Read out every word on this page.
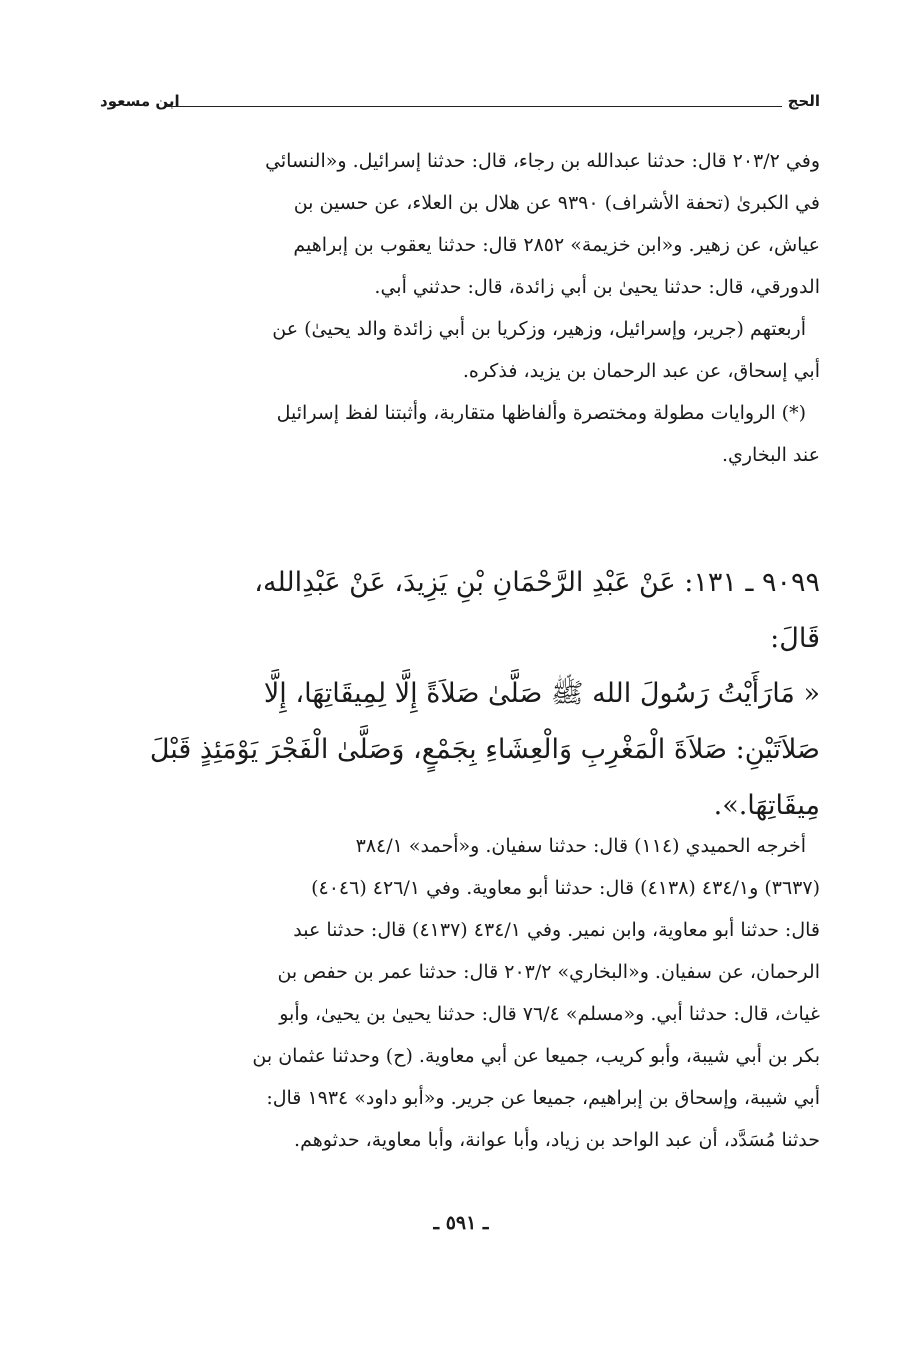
الحج
ابن مسعود
وفي ٢٠٣/٢ قال: حدثنا عبدالله بن رجاء، قال: حدثنا إسرائيل. و«النسائي
في الكبرىٰ (تحفة الأشراف) ٩٣٩٠ عن هلال بن العلاء، عن حسين بن
عياش، عن زهير. و«ابن خزيمة» ٢٨٥٢ قال: حدثنا يعقوب بن إبراهيم
الدورقي، قال: حدثنا يحيىٰ بن أبي زائدة، قال: حدثني أبي.
أربعتهم (جرير، وإسرائيل، وزهير، وزكريا بن أبي زائدة والد يحيىٰ) عن
أبي إسحاق، عن عبد الرحمان بن يزيد، فذكره.
(*) الروايات مطولة ومختصرة وألفاظها متقاربة، وأثبتنا لفظ إسرائيل
عند البخاري.
٩٠٩٩ ـ ١٣١: عَنْ عَبْدِ الرَّحْمَانِ بْنِ يَزِيدَ، عَنْ عَبْدِالله،
قَالَ:
« مَارَأَيْتُ رَسُولَ الله ﷺ صَلَّىٰ صَلاَةً إِلَّا لِمِيقَاتِهَا، إِلَّا
صَلاَتَيْنِ: صَلاَةَ الْمَغْرِبِ وَالْعِشَاءِ بِجَمْعٍ، وَصَلَّىٰ الْفَجْرَ يَوْمَئِذٍ قَبْلَ
مِيقَاتِهَا.».
أخرجه الحميدي (١١٤) قال: حدثنا سفيان. و«أحمد» ٣٨٤/١
(٣٦٣٧) و٤٣٤/١ (٤١٣٨) قال: حدثنا أبو معاوية. وفي ٤٢٦/١ (٤٠٤٦)
قال: حدثنا أبو معاوية، وابن نمير. وفي ٤٣٤/١ (٤١٣٧) قال: حدثنا عبد
الرحمان، عن سفيان. و«البخاري» ٢٠٣/٢ قال: حدثنا عمر بن حفص بن
غياث، قال: حدثنا أبي. و«مسلم» ٧٦/٤ قال: حدثنا يحيىٰ بن يحيىٰ، وأبو
بكر بن أبي شيبة، وأبو كريب، جميعا عن أبي معاوية. (ح) وحدثنا عثمان بن
أبي شيبة، وإسحاق بن إبراهيم، جميعا عن جرير. و«أبو داود» ١٩٣٤ قال:
حدثنا مُسَدَّد، أن عبد الواحد بن زياد، وأبا عوانة، وأبا معاوية، حدثوهم.
ـ ٥٩١ ـ
